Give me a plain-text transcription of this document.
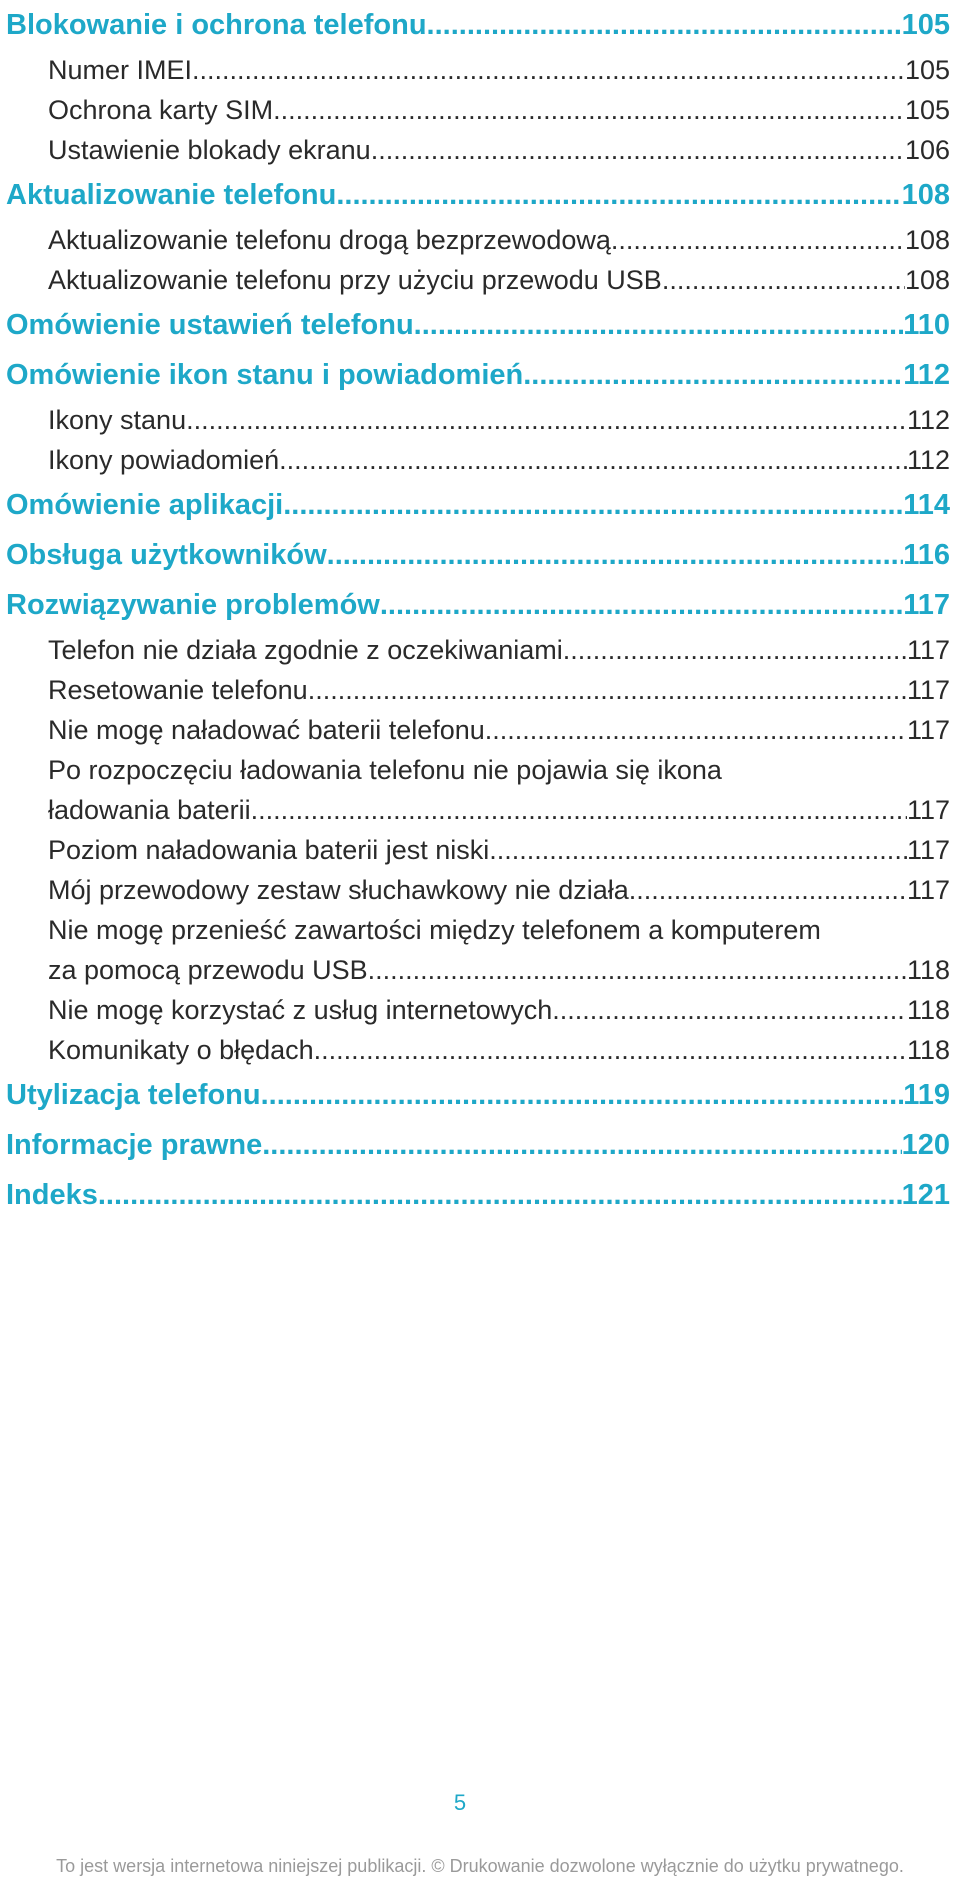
Blokowanie i ochrona telefonu .....	105
Numer IMEI .....	105
Ochrona karty SIM .....	105
Ustawienie blokady ekranu .....	106
Aktualizowanie telefonu .....	108
Aktualizowanie telefonu drogą bezprzewodową .....	108
Aktualizowanie telefonu przy użyciu przewodu USB .....	108
Omówienie ustawień telefonu .....	110
Omówienie ikon stanu i powiadomień .....	112
Ikony stanu .....	112
Ikony powiadomień .....	112
Omówienie aplikacji .....	114
Obsługa użytkowników .....	116
Rozwiązywanie problemów .....	117
Telefon nie działa zgodnie z oczekiwaniami .....	117
Resetowanie telefonu .....	117
Nie mogę naładować baterii telefonu .....	117
Po rozpoczęciu ładowania telefonu nie pojawia się ikona
ładowania baterii .....	117
Poziom naładowania baterii jest niski .....	117
Mój przewodowy zestaw słuchawkowy nie działa .....	117
Nie mogę przenieść zawartości między telefonem a komputerem
za pomocą przewodu USB .....	118
Nie mogę korzystać z usług internetowych .....	118
Komunikaty o błędach .....	118
Utylizacja telefonu .....	119
Informacje prawne .....	120
Indeks .....	121
5
To jest wersja internetowa niniejszej publikacji. © Drukowanie dozwolone wyłącznie do użytku prywatnego.
